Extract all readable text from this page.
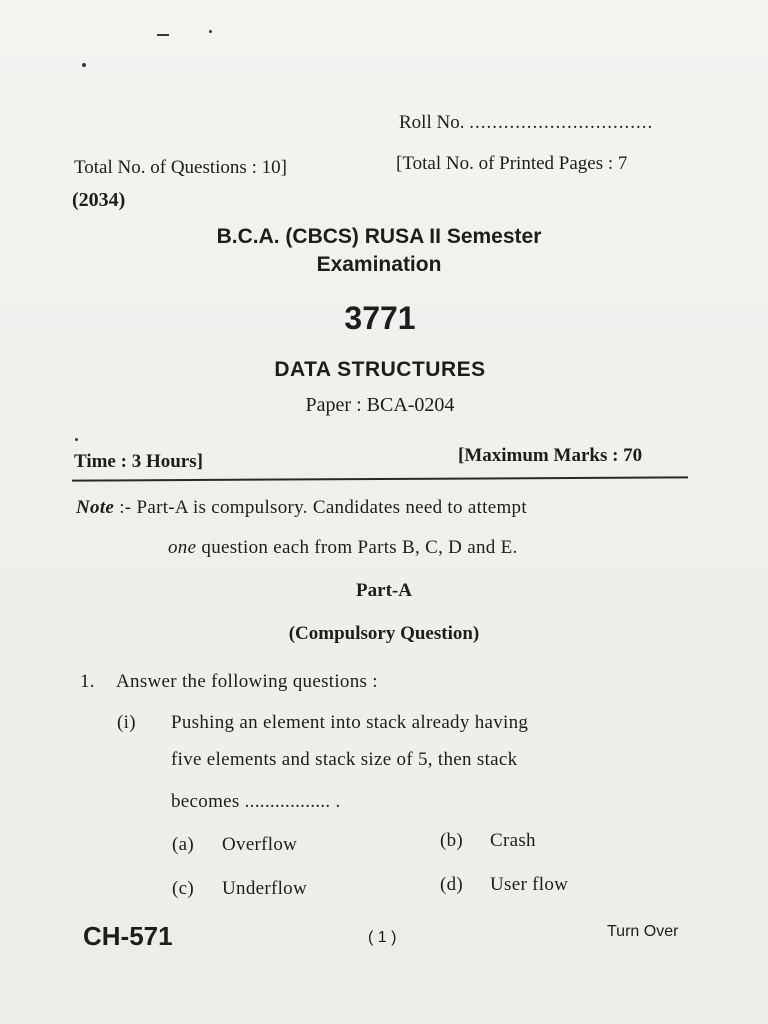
Roll No. ................................
Total No. of Questions : 10]	[Total No. of Printed Pages : 7
(2034)
B.C.A. (CBCS) RUSA II Semester
Examination
3771
DATA STRUCTURES
Paper : BCA-0204
Time : 3 Hours]	[Maximum Marks : 70
Note :- Part-A is compulsory. Candidates need to attempt
one question each from Parts B, C, D and E.
Part-A
(Compulsory Question)
1. Answer the following questions :
(i) Pushing an element into stack already having
five elements and stack size of 5, then stack
becomes ................. .
(a) Overflow	(b) Crash
(c) Underflow	(d) User flow
CH-571	( 1 )	Turn Over
